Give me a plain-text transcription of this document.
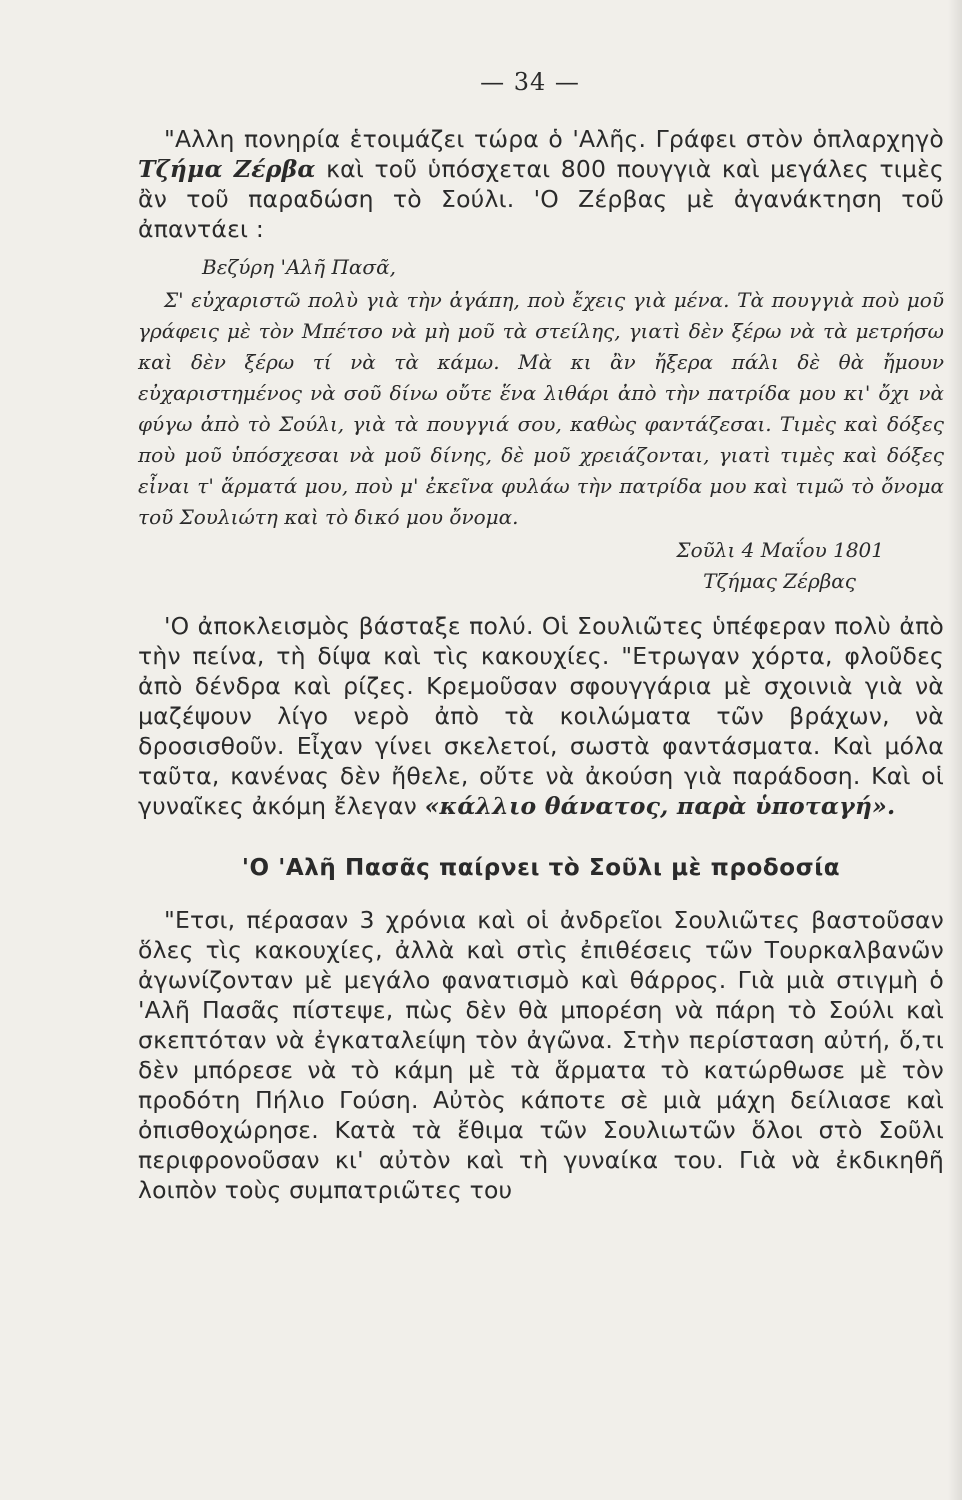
— 34 —

"Αλλη πονηρία ἑτοιμάζει τώρα ὁ 'Αλῆς. Γράφει στὸν ὁπλαρχηγὸ Τζήμα Ζέρβα καὶ τοῦ ὑπόσχεται 800 πουγγιὰ καὶ μεγάλες τιμὲς ἂν τοῦ παραδώση τὸ Σούλι. 'Ο Ζέρβας μὲ ἀγανάκτηση τοῦ ἀπαντάει :

Βεζύρη 'Αλῆ Πασᾶ,

Σ' εὐχαριστῶ πολὺ γιὰ τὴν ἀγάπη, ποὺ ἔχεις γιὰ μένα. Τὰ πουγγιὰ ποὺ μοῦ γράφεις μὲ τὸν Μπέτσο νὰ μὴ μοῦ τὰ στείλης, γιατὶ δὲν ξέρω νὰ τὰ μετρήσω καὶ δὲν ξέρω τί νὰ τὰ κάμω. Μὰ κι ἂν ἤξερα πάλι δὲ θὰ ἤμουν εὐχαριστημένος νὰ σοῦ δίνω οὔτε ἕνα λιθάρι ἀπὸ τὴν πατρίδα μου κι' ὄχι νὰ φύγω ἀπὸ τὸ Σούλι, γιὰ τὰ πουγγιά σου, καθὼς φαντάζεσαι. Τιμὲς καὶ δόξες ποὺ μοῦ ὑπόσχεσαι νὰ μοῦ δίνης, δὲ μοῦ χρειάζονται, γιατὶ τιμὲς καὶ δόξες εἶναι τ' ἅρματά μου, ποὺ μ' ἐκεῖνα φυλάω τὴν πατρίδα μου καὶ τιμῶ τὸ ὄνομα τοῦ Σουλιώτη καὶ τὸ δικό μου ὄνομα.

Σοῦλι 4 Μαΐου 1801

Τζήμας Ζέρβας

'Ο ἀποκλεισμὸς βάσταξε πολύ. Οἱ Σουλιῶτες ὑπέφεραν πολὺ ἀπὸ τὴν πείνα, τὴ δίψα καὶ τὶς κακουχίες. "Ετρωγαν χόρτα, φλοῦδες ἀπὸ δένδρα καὶ ρίζες. Κρεμοῦσαν σφουγγάρια μὲ σχοινιὰ γιὰ νὰ μαζέψουν λίγο νερὸ ἀπὸ τὰ κοιλώματα τῶν βράχων, νὰ δροσισθοῦν. Εἶχαν γίνει σκελετοί, σωστὰ φαντάσματα. Καὶ μόλα ταῦτα, κανένας δὲν ἤθελε, οὔτε νὰ ἀκούση γιὰ παράδοση. Καὶ οἱ γυναῖκες ἀκόμη ἔλεγαν «κάλλιο θάνατος, παρὰ ὑποταγή».

'Ο 'Αλῆ Πασᾶς παίρνει τὸ Σοῦλι μὲ προδοσία

"Ετσι, πέρασαν 3 χρόνια καὶ οἱ ἀνδρεῖοι Σουλιῶτες βαστοῦσαν ὅλες τὶς κακουχίες, ἀλλὰ καὶ στὶς ἐπιθέσεις τῶν Τουρκαλβανῶν ἀγωνίζονταν μὲ μεγάλο φανατισμὸ καὶ θάρρος. Γιὰ μιὰ στιγμὴ ὁ 'Αλῆ Πασᾶς πίστεψε, πὼς δὲν θὰ μπορέση νὰ πάρη τὸ Σούλι καὶ σκεπτόταν νὰ ἐγκαταλείψη τὸν ἀγῶνα. Στὴν περίσταση αὐτή, ὅ,τι δὲν μπόρεσε νὰ τὸ κάμη μὲ τὰ ἅρματα τὸ κατώρθωσε μὲ τὸν προδότη Πήλιο Γούση. Αὐτὸς κάποτε σὲ μιὰ μάχη δείλιασε καὶ ὀπισθοχώρησε. Κατὰ τὰ ἔθιμα τῶν Σουλιωτῶν ὅλοι στὸ Σοῦλι περιφρονοῦσαν κι' αὐτὸν καὶ τὴ γυναίκα του. Γιὰ νὰ ἐκδικηθῆ λοιπὸν τοὺς συμπατριῶτες του
